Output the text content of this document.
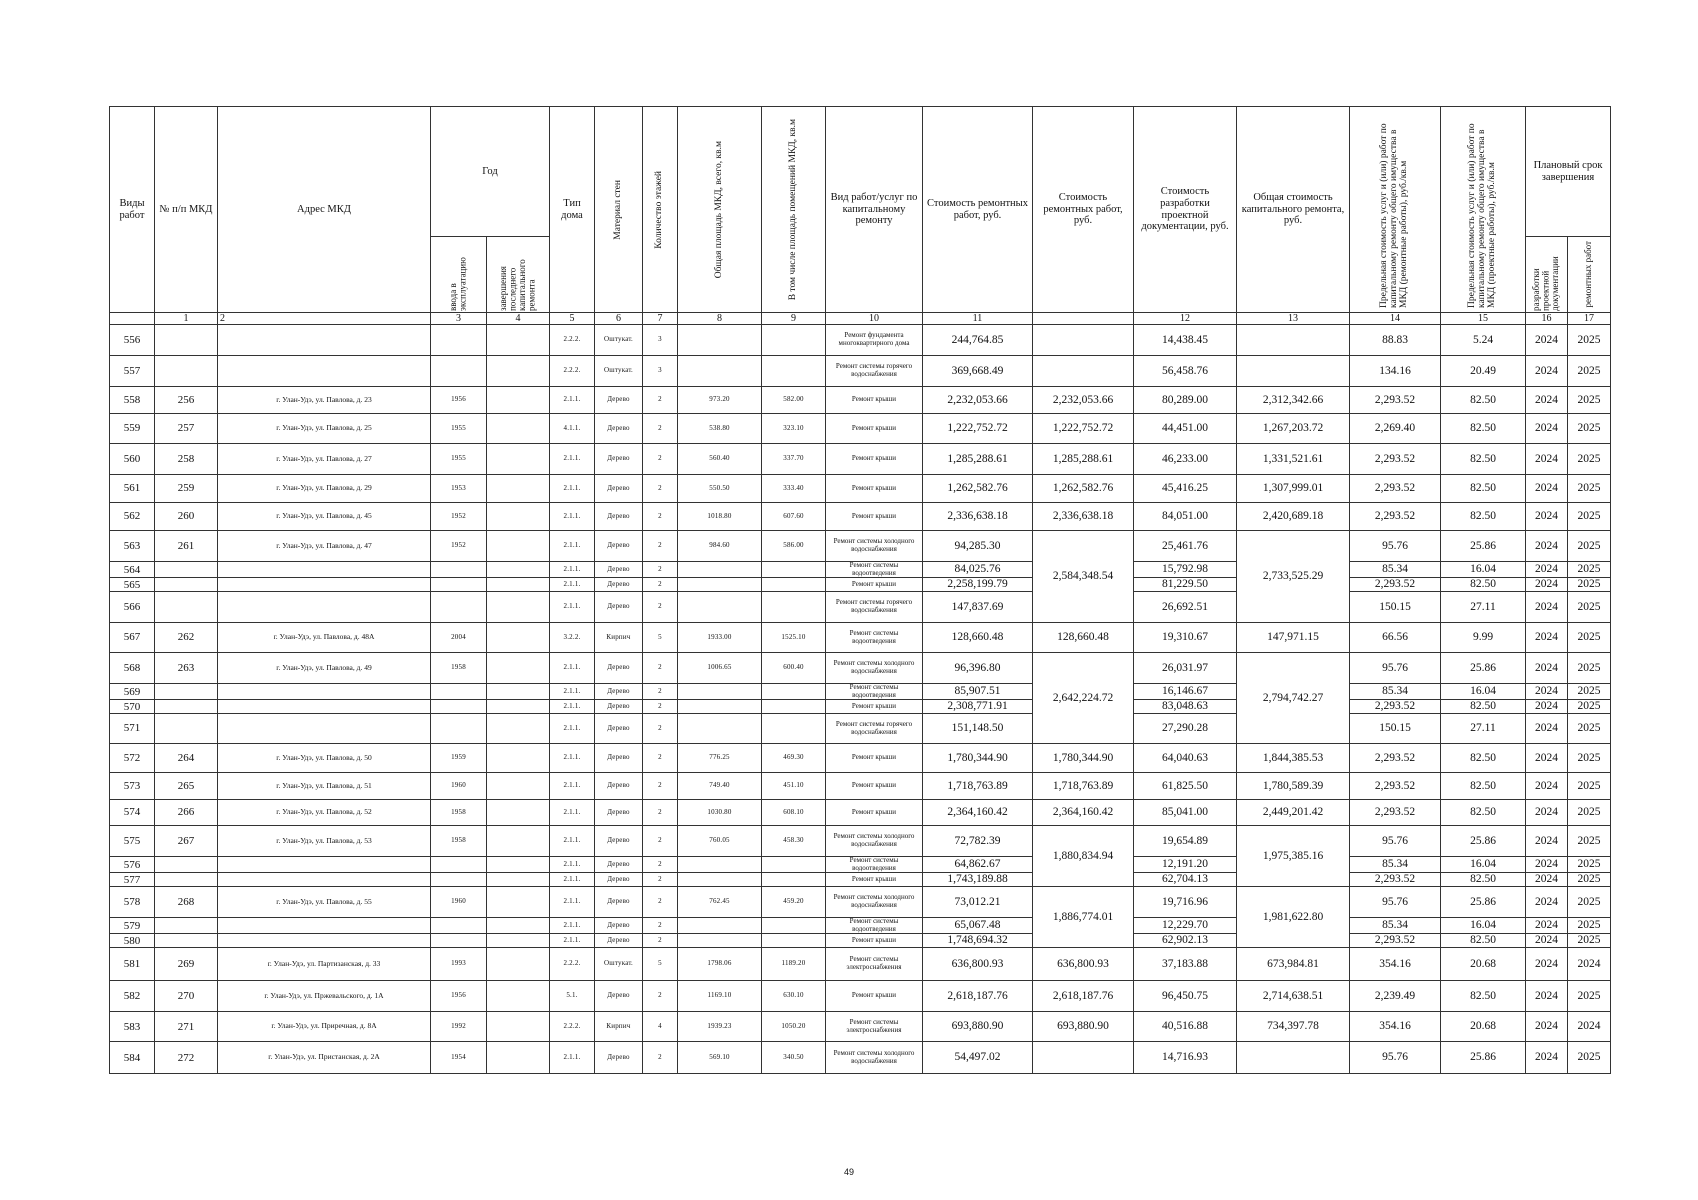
Виды работ	№ п/п МКД	Адрес МКД	Год		Тип дома	Материал стен	Количество этажей	Общая площадь МКД, всего, кв.м	В том числе площадь помещений МКД, кв.м	Вид работ/услуг по капитальному ремонту	Стоимость ремонтных работ, руб.	Стоимость ремонтных работ, руб.	Стоимость разработки проектной документации, руб.	Общая стоимость капитального ремонта, руб.	Предельная стоимость услуг и (или) работ по капитальному ремонту общего имущества в МКД (ремонтные работы), руб./кв.м	Предельная стоимость услуг и (или) работ по капитальному ремонту общего имущества в МКД (проектные работы), руб./кв.м	Плановый срок завершения	

			ввода в эксплуатацию	завершения последнего капитального ремонта													разработки проектной документации	ремонтных работ

	1	2	3	4	5	6	7	8	9	10	11		12	13	14	15	16	17
556					2.2.2.	Оштукат.	3			Ремонт фундамента многоквартирного дома	244,764.85		14,438.45		88.83	5.24	2024	2025
557					2.2.2.	Оштукат.	3			Ремонт системы горячего водоснабжения	369,668.49		56,458.76		134.16	20.49	2024	2025
558	256	г. Улан-Удэ, ул. Павлова, д. 23	1956		2.1.1.	Дерево	2	973.20	582.00	Ремонт крыши	2,232,053.66	2,232,053.66	80,289.00	2,312,342.66	2,293.52	82.50	2024	2025
559	257	г. Улан-Удэ, ул. Павлова, д. 25	1955		4.1.1.	Дерево	2	538.80	323.10	Ремонт крыши	1,222,752.72	1,222,752.72	44,451.00	1,267,203.72	2,269.40	82.50	2024	2025
560	258	г. Улан-Удэ, ул. Павлова, д. 27	1955		2.1.1.	Дерево	2	560.40	337.70	Ремонт крыши	1,285,288.61	1,285,288.61	46,233.00	1,331,521.61	2,293.52	82.50	2024	2025
561	259	г. Улан-Удэ, ул. Павлова, д. 29	1953		2.1.1.	Дерево	2	550.50	333.40	Ремонт крыши	1,262,582.76	1,262,582.76	45,416.25	1,307,999.01	2,293.52	82.50	2024	2025
562	260	г. Улан-Удэ, ул. Павлова, д. 45	1952		2.1.1.	Дерево	2	1018.80	607.60	Ремонт крыши	2,336,638.18	2,336,638.18	84,051.00	2,420,689.18	2,293.52	82.50	2024	2025
563	261	г. Улан-Удэ, ул. Павлова, д. 47	1952		2.1.1.	Дерево	2	984.60	586.00	Ремонт системы холодного водоснабжения	94,285.30	2,584,348.54	25,461.76	2,733,525.29	95.76	25.86	2024	2025
564					2.1.1.	Дерево	2			Ремонт системы водоотведения	84,025.76		15,792.98		85.34	16.04	2024	2025
565					2.1.1.	Дерево	2			Ремонт крыши	2,258,199.79		81,229.50		2,293.52	82.50	2024	2025
566					2.1.1.	Дерево	2			Ремонт системы горячего водоснабжения	147,837.69		26,692.51		150.15	27.11	2024	2025
567	262	г. Улан-Удэ, ул. Павлова, д. 48А	2004		3.2.2.	Кирпич	5	1933.00	1525.10	Ремонт системы водоотведения	128,660.48	128,660.48	19,310.67	147,971.15	66.56	9.99	2024	2025
568	263	г. Улан-Удэ, ул. Павлова, д. 49	1958		2.1.1.	Дерево	2	1006.65	600.40	Ремонт системы холодного водоснабжения	96,396.80	2,642,224.72	26,031.97	2,794,742.27	95.76	25.86	2024	2025
569					2.1.1.	Дерево	2			Ремонт системы водоотведения	85,907.51		16,146.67		85.34	16.04	2024	2025
570					2.1.1.	Дерево	2			Ремонт крыши	2,308,771.91		83,048.63		2,293.52	82.50	2024	2025
571					2.1.1.	Дерево	2			Ремонт системы горячего водоснабжения	151,148.50		27,290.28		150.15	27.11	2024	2025
572	264	г. Улан-Удэ, ул. Павлова, д. 50	1959		2.1.1.	Дерево	2	776.25	469.30	Ремонт крыши	1,780,344.90	1,780,344.90	64,040.63	1,844,385.53	2,293.52	82.50	2024	2025
573	265	г. Улан-Удэ, ул. Павлова, д. 51	1960		2.1.1.	Дерево	2	749.40	451.10	Ремонт крыши	1,718,763.89	1,718,763.89	61,825.50	1,780,589.39	2,293.52	82.50	2024	2025
574	266	г. Улан-Удэ, ул. Павлова, д. 52	1958		2.1.1.	Дерево	2	1030.80	608.10	Ремонт крыши	2,364,160.42	2,364,160.42	85,041.00	2,449,201.42	2,293.52	82.50	2024	2025
575	267	г. Улан-Удэ, ул. Павлова, д. 53	1958		2.1.1.	Дерево	2	760.05	458.30	Ремонт системы холодного водоснабжения	72,782.39	1,880,834.94	19,654.89	1,975,385.16	95.76	25.86	2024	2025
576					2.1.1.	Дерево	2			Ремонт системы водоотведения	64,862.67		12,191.20		85.34	16.04	2024	2025
577					2.1.1.	Дерево	2			Ремонт крыши	1,743,189.88		62,704.13		2,293.52	82.50	2024	2025
578	268	г. Улан-Удэ, ул. Павлова, д. 55	1960		2.1.1.	Дерево	2	762.45	459.20	Ремонт системы холодного водоснабжения	73,012.21	1,886,774.01	19,716.96	1,981,622.80	95.76	25.86	2024	2025
579					2.1.1.	Дерево	2			Ремонт системы водоотведения	65,067.48		12,229.70		85.34	16.04	2024	2025
580					2.1.1.	Дерево	2			Ремонт крыши	1,748,694.32		62,902.13		2,293.52	82.50	2024	2025
581	269	г. Улан-Удэ, ул. Партизанская, д. 33	1993		2.2.2.	Оштукат.	5	1798.06	1189.20	Ремонт системы электроснабжения	636,800.93	636,800.93	37,183.88	673,984.81	354.16	20.68	2024	2024
582	270	г. Улан-Удэ, ул. Пржевальского, д. 1А	1956		5.1.	Дерево	2	1169.10	630.10	Ремонт крыши	2,618,187.76	2,618,187.76	96,450.75	2,714,638.51	2,239.49	82.50	2024	2025
583	271	г. Улан-Удэ, ул. Приречная, д. 8А	1992		2.2.2.	Кирпич	4	1939.23	1050.20	Ремонт системы электроснабжения	693,880.90	693,880.90	40,516.88	734,397.78	354.16	20.68	2024	2024
584	272	г. Улан-Удэ, ул. Пристанская, д. 2А	1954		2.1.1.	Дерево	2	569.10	340.50	Ремонт системы холодного водоснабжения	54,497.02		14,716.93		95.76	25.86	2024	2025
49
